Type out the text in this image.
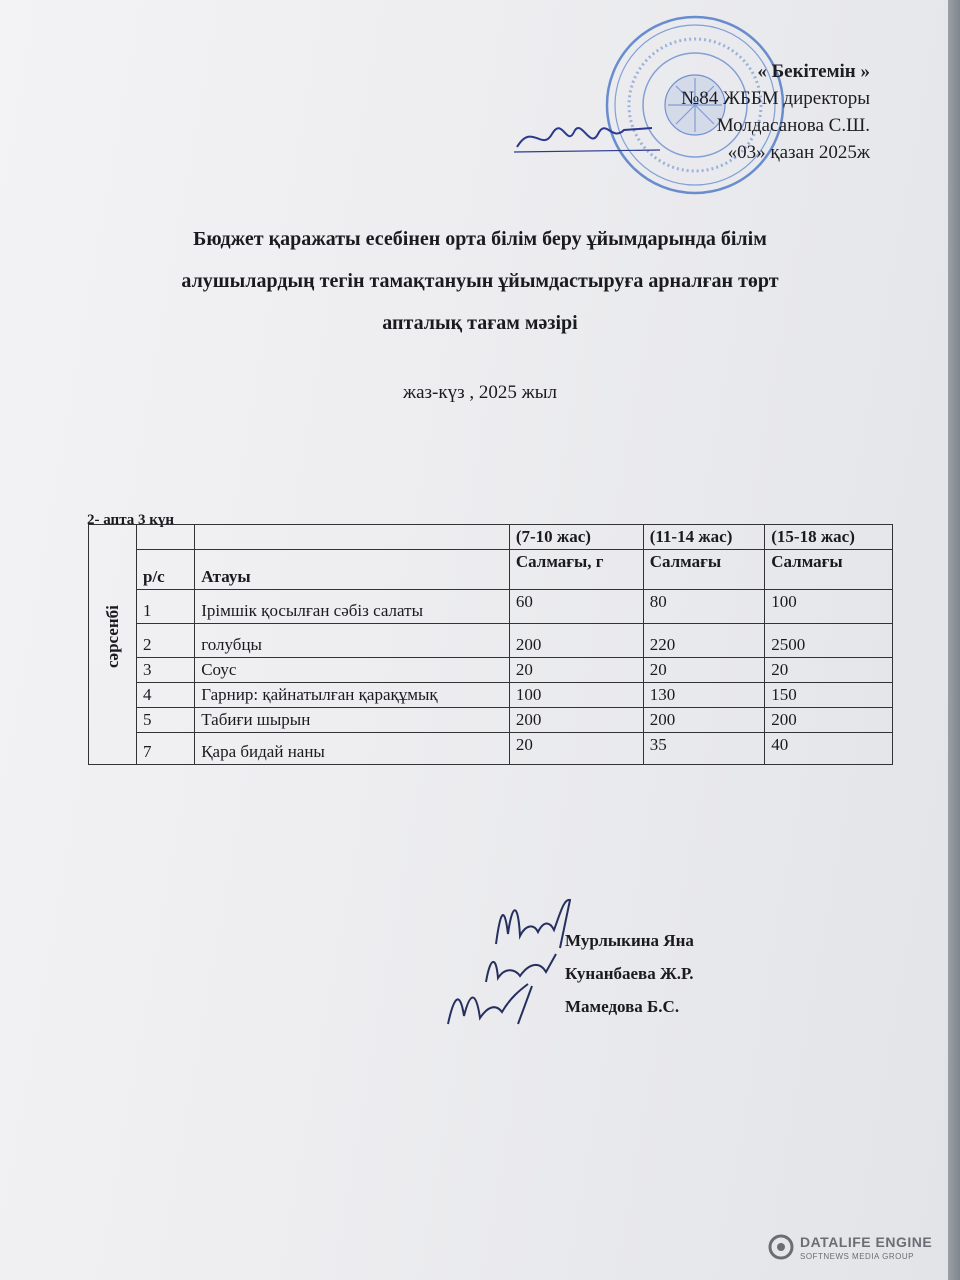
« Бекітемін »
№84 ЖББМ директоры
Молдасанова С.Ш.
«03» қазан 2025ж
Бюджет қаражаты есебінен орта білім беру ұйымдарында білім
алушылардың тегін тамақтануын ұйымдастыруға арналған төрт
апталық тағам мәзірі
жаз-күз , 2025 жыл
2- апта 3 күн
сәрсенбі			(7-10 жас)	(11-14 жас)	(15-18 жас)
	р/с	Атауы	Салмағы, г	Салмағы	Салмағы
	1	Ірімшік қосылған сәбіз салаты	60	80	100
	2	голубцы	200	220	2500
	3	Соус	20	20	20
	4	Гарнир: қайнатылған қарақұмық	100	130	150
	5	Табиғи шырын	200	200	200
	7	Қара бидай наны	20	35	40
Мурлыкина Яна
Кунанбаева Ж.Р.
Мамедова Б.С.
DATALIFE ENGINE
SOFTNEWS MEDIA GROUP
